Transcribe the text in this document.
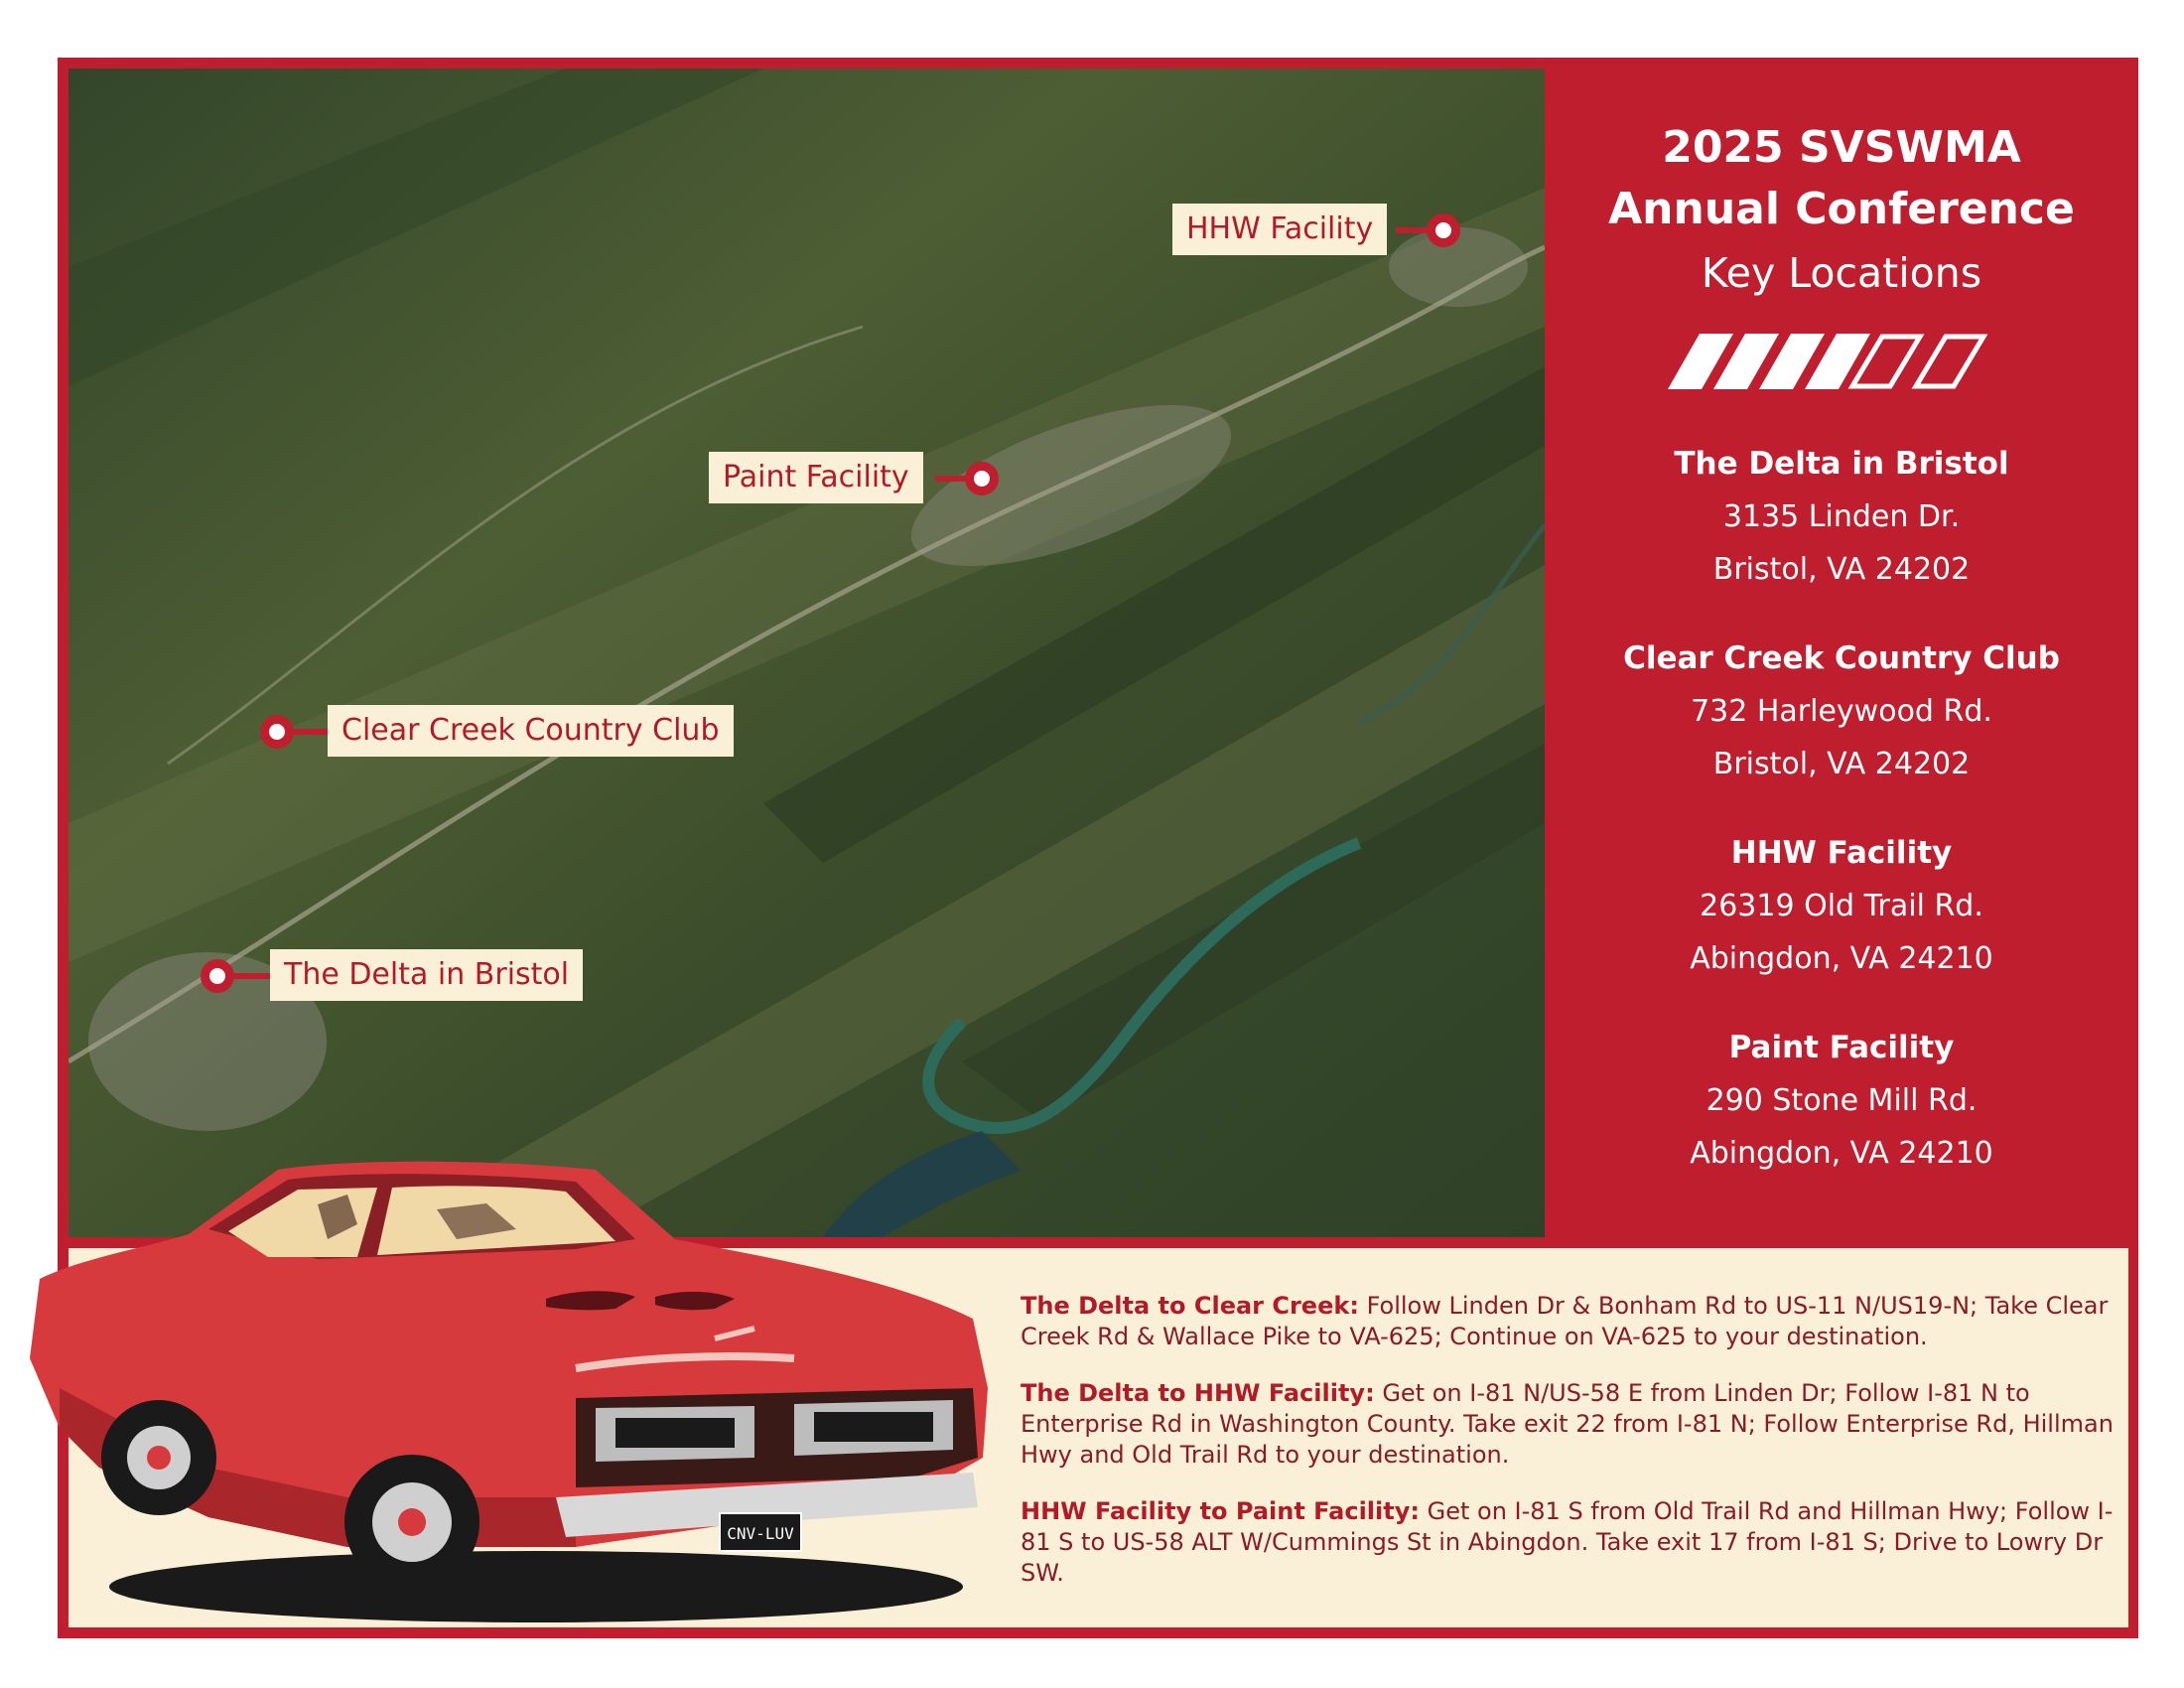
HHW Facility
Paint Facility
Clear Creek Country Club
The Delta in Bristol
2025 SVSWMA
Annual Conference
Key Locations
The Delta in Bristol
3135 Linden Dr.
Bristol, VA 24202
Clear Creek Country Club
732 Harleywood Rd.
Bristol, VA 24202
HHW Facility
26319 Old Trail Rd.
Abingdon, VA 24210
Paint Facility
290 Stone Mill Rd.
Abingdon, VA 24210
The Delta to Clear Creek: Follow Linden Dr & Bonham Rd to US-11 N/US19-N; Take Clear Creek Rd & Wallace Pike to VA-625; Continue on VA-625 to your destination.
The Delta to HHW Facility: Get on I-81 N/US-58 E from Linden Dr; Follow I-81 N to Enterprise Rd in Washington County. Take exit 22 from I-81 N; Follow Enterprise Rd, Hillman Hwy and Old Trail Rd to your destination.
HHW Facility to Paint Facility: Get on I-81 S from Old Trail Rd and Hillman Hwy; Follow I-81 S to US-58 ALT W/Cummings St in Abingdon. Take exit 17 from I-81 S; Drive to Lowry Dr SW.
CNV-LUV
